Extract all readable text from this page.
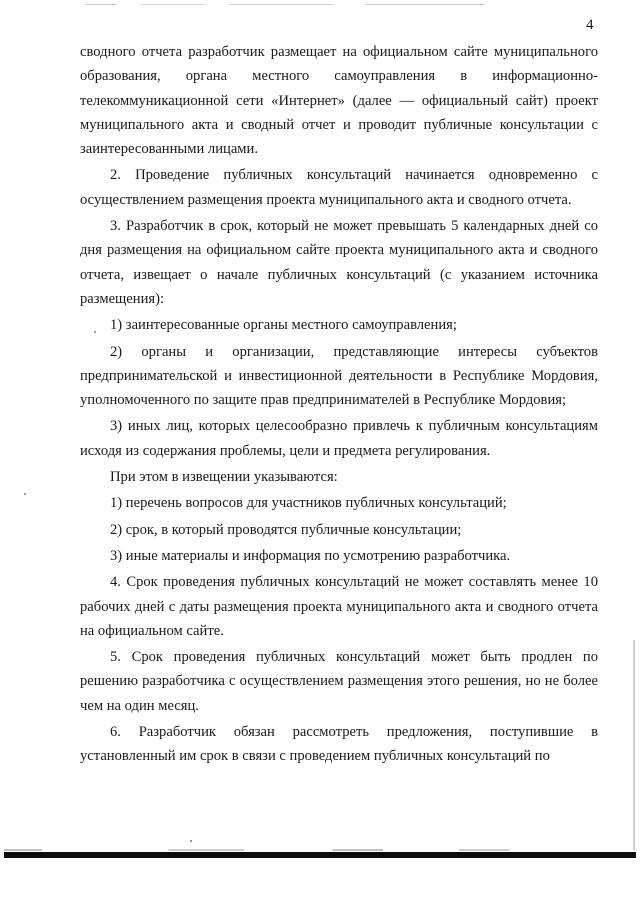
4

сводного отчета разработчик размещает на официальном сайте муниципального образования, органа местного самоуправления в информационно-телекоммуникационной сети «Интернет» (далее — официальный сайт) проект муниципального акта и сводный отчет и проводит публичные консультации с заинтересованными лицами.

2. Проведение публичных консультаций начинается одновременно с осуществлением размещения проекта муниципального акта и сводного отчета.

3. Разработчик в срок, который не может превышать 5 календарных дней со дня размещения на официальном сайте проекта муниципального акта и сводного отчета, извещает о начале публичных консультаций (с указанием источника размещения):

1) заинтересованные органы местного самоуправления;

2) органы и организации, представляющие интересы субъектов предпринимательской и инвестиционной деятельности в Республике Мордовия, уполномоченного по защите прав предпринимателей в Республике Мордовия;

3) иных лиц, которых целесообразно привлечь к публичным консультациям исходя из содержания проблемы, цели и предмета регулирования.

При этом в извещении указываются:

1) перечень вопросов для участников публичных консультаций;

2) срок, в который проводятся публичные консультации;

3) иные материалы и информация по усмотрению разработчика.

4. Срок проведения публичных консультаций не может составлять менее 10 рабочих дней с даты размещения проекта муниципального акта и сводного отчета на официальном сайте.

5. Срок проведения публичных консультаций может быть продлен по решению разработчика с осуществлением размещения этого решения, но не более чем на один месяц.

6. Разработчик обязан рассмотреть предложения, поступившие в установленный им срок в связи с проведением публичных консультаций по
